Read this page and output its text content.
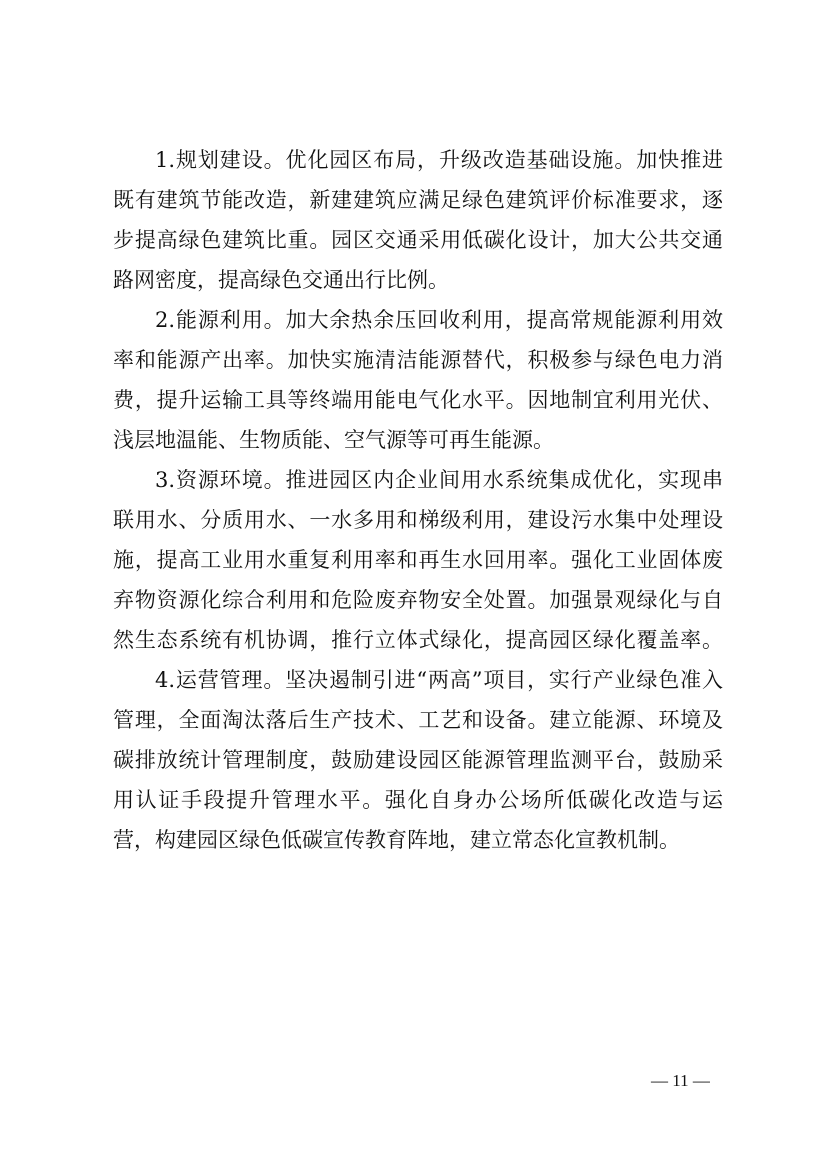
1.规划建设。优化园区布局，升级改造基础设施。加快推进
既有建筑节能改造，新建建筑应满足绿色建筑评价标准要求，逐
步提高绿色建筑比重。园区交通采用低碳化设计，加大公共交通
路网密度，提高绿色交通出行比例。
2.能源利用。加大余热余压回收利用，提高常规能源利用效
率和能源产出率。加快实施清洁能源替代，积极参与绿色电力消
费，提升运输工具等终端用能电气化水平。因地制宜利用光伏、
浅层地温能、生物质能、空气源等可再生能源。
3.资源环境。推进园区内企业间用水系统集成优化，实现串
联用水、分质用水、一水多用和梯级利用，建设污水集中处理设
施，提高工业用水重复利用率和再生水回用率。强化工业固体废
弃物资源化综合利用和危险废弃物安全处置。加强景观绿化与自
然生态系统有机协调，推行立体式绿化，提高园区绿化覆盖率。
4.运营管理。坚决遏制引进“两高”项目，实行产业绿色准入
管理，全面淘汰落后生产技术、工艺和设备。建立能源、环境及
碳排放统计管理制度，鼓励建设园区能源管理监测平台，鼓励采
用认证手段提升管理水平。强化自身办公场所低碳化改造与运
营，构建园区绿色低碳宣传教育阵地，建立常态化宣教机制。
— 11 —
